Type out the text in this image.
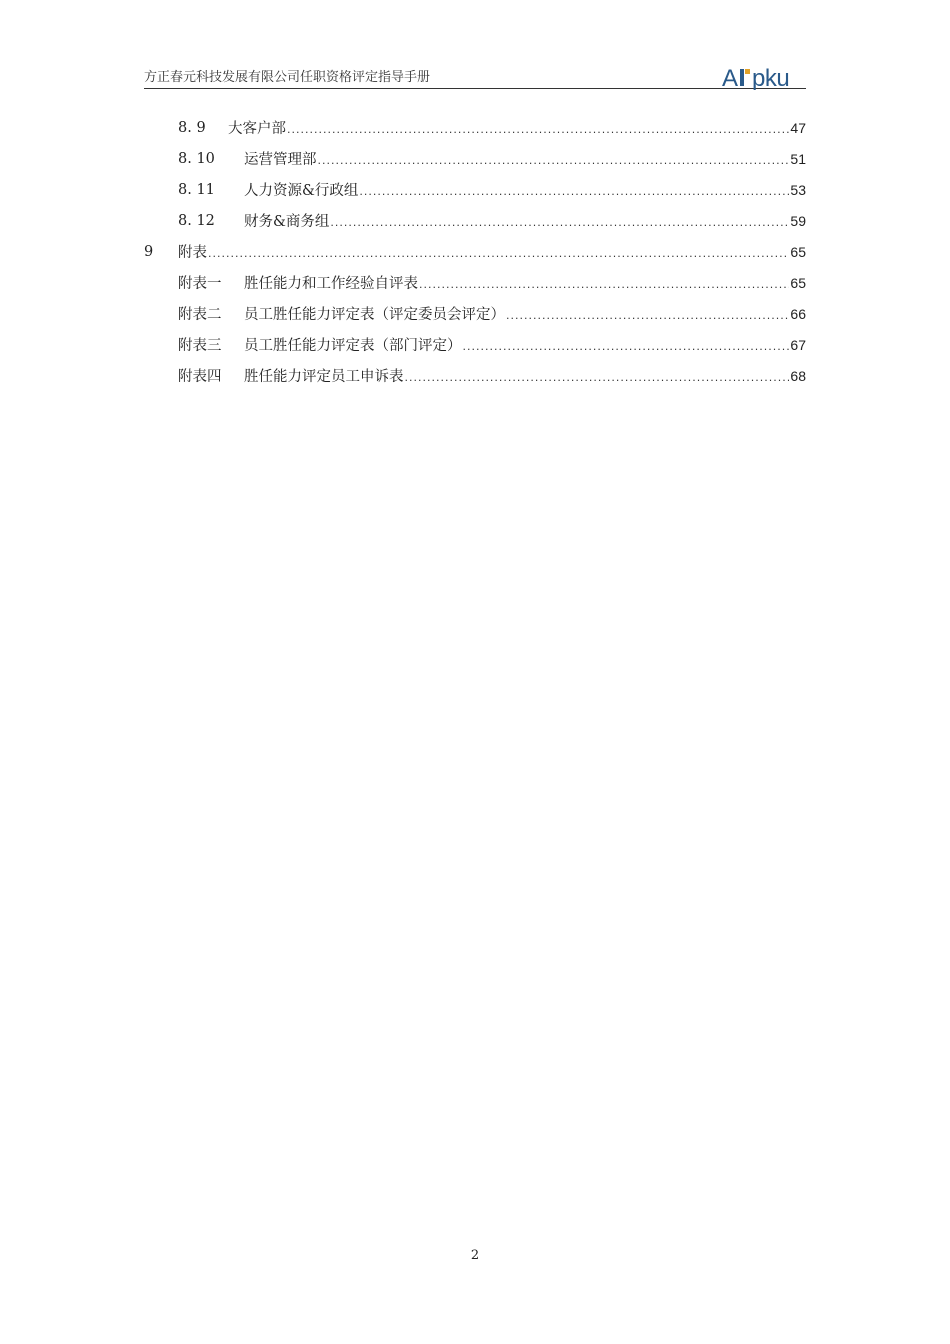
方正春元科技发展有限公司任职资格评定指导手册	A pku
8. 9	大客户部 .....	47
8. 10	运营管理部 .....	51
8. 11	人力资源&行政组 .....	53
8. 12	财务&商务组 .....	59
9	附表 .....	65
附表一	胜任能力和工作经验自评表 .....	65
附表二	员工胜任能力评定表（评定委员会评定） .....	66
附表三	员工胜任能力评定表（部门评定） .....	67
附表四	胜任能力评定员工申诉表 .....	68
2
